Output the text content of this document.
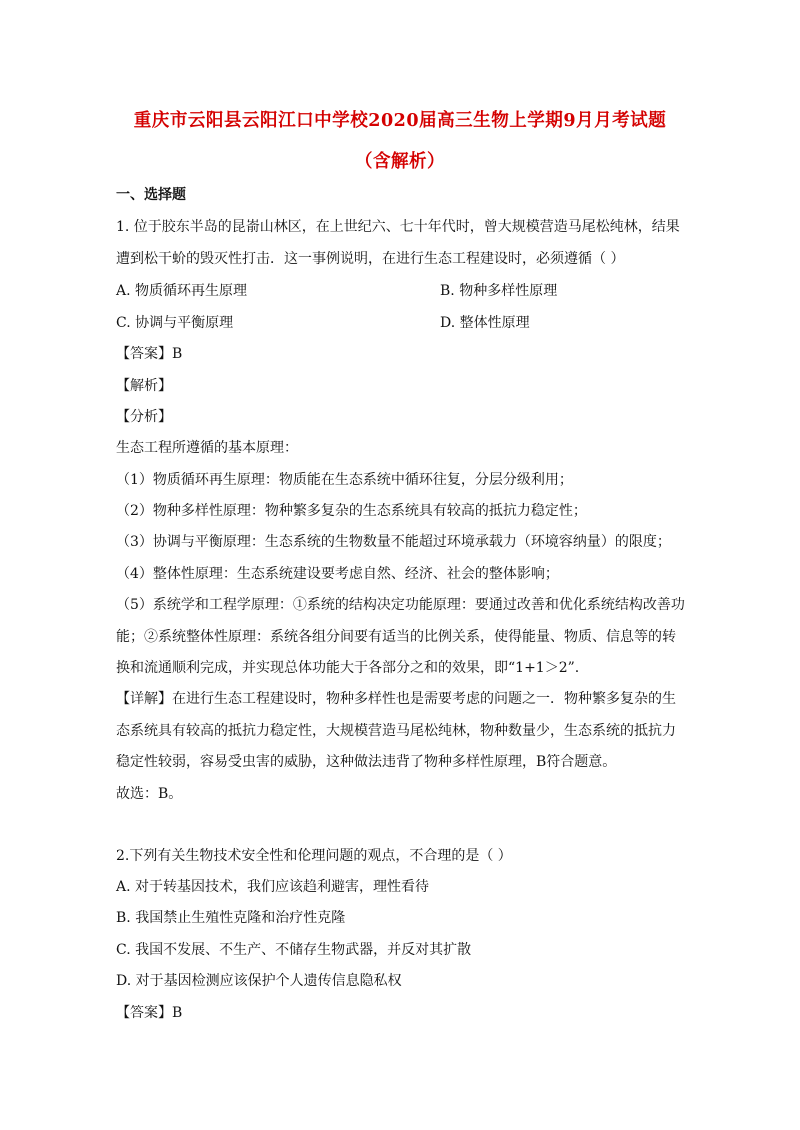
重庆市云阳县云阳江口中学校2020届高三生物上学期9月月考试题
（含解析）
一、选择题
1. 位于胶东半岛的昆嵛山林区，在上世纪六、七十年代时，曾大规模营造马尾松纯林，结果
遭到松干蚧的毁灭性打击．这一事例说明，在进行生态工程建设时，必须遵循（ ）
A. 物质循环再生原理	B. 物种多样性原理
C. 协调与平衡原理	D. 整体性原理
【答案】B
【解析】
【分析】
生态工程所遵循的基本原理：
（1）物质循环再生原理：物质能在生态系统中循环往复，分层分级利用；
（2）物种多样性原理：物种繁多复杂的生态系统具有较高的抵抗力稳定性；
（3）协调与平衡原理：生态系统的生物数量不能超过环境承载力（环境容纳量）的限度；
（4）整体性原理：生态系统建设要考虑自然、经济、社会的整体影响；
（5）系统学和工程学原理：①系统的结构决定功能原理：要通过改善和优化系统结构改善功
能；②系统整体性原理：系统各组分间要有适当的比例关系，使得能量、物质、信息等的转
换和流通顺利完成，并实现总体功能大于各部分之和的效果，即“1+1＞2”.
【详解】在进行生态工程建设时，物种多样性也是需要考虑的问题之一．物种繁多复杂的生
态系统具有较高的抵抗力稳定性，大规模营造马尾松纯林，物种数量少，生态系统的抵抗力
稳定性较弱，容易受虫害的威胁，这种做法违背了物种多样性原理，B符合题意。
故选：B。
2.下列有关生物技术安全性和伦理问题的观点，不合理的是（ ）
A. 对于转基因技术，我们应该趋利避害，理性看待
B. 我国禁止生殖性克隆和治疗性克隆
C. 我国不发展、不生产、不储存生物武器，并反对其扩散
D. 对于基因检测应该保护个人遗传信息隐私权
【答案】B
